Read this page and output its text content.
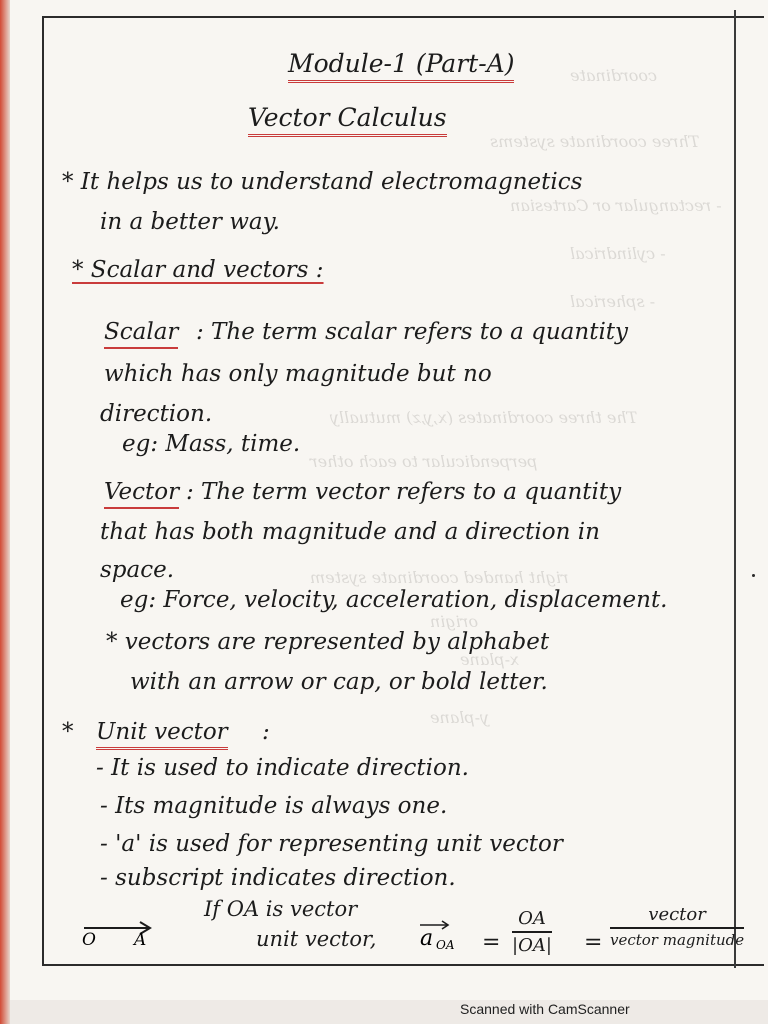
coordinate
Three coordinate systems
- rectangular or Cartesian
- cylindrical
- spherical
The three coordinates (x,y,z) mutually
perpendicular to each other
right handed coordinate system
origin
x-plane
y-plane

Module-1 (Part-A)

Vector Calculus

* It helps us to understand electromagnetics

in a better way.

* Scalar and vectors :

Scalar : The term scalar refers to a quantity

which has only magnitude but no

direction.

eg: Mass, time.

Vector : The term vector refers to a quantity

that has both magnitude and a direction in

space.

eg: Force, velocity, acceleration, displacement.

* vectors are represented by alphabet

with an arrow or cap, or bold letter.

* Unit vector :

- It is used to indicate direction.

- Its magnitude is always one.

- 'a' is used for representing unit vector

- subscript indicates direction.

O A

If OA is vector

unit vector, a OA =
OA
|OA| =
vector
vector magnitude
Scanned with CamScanner
